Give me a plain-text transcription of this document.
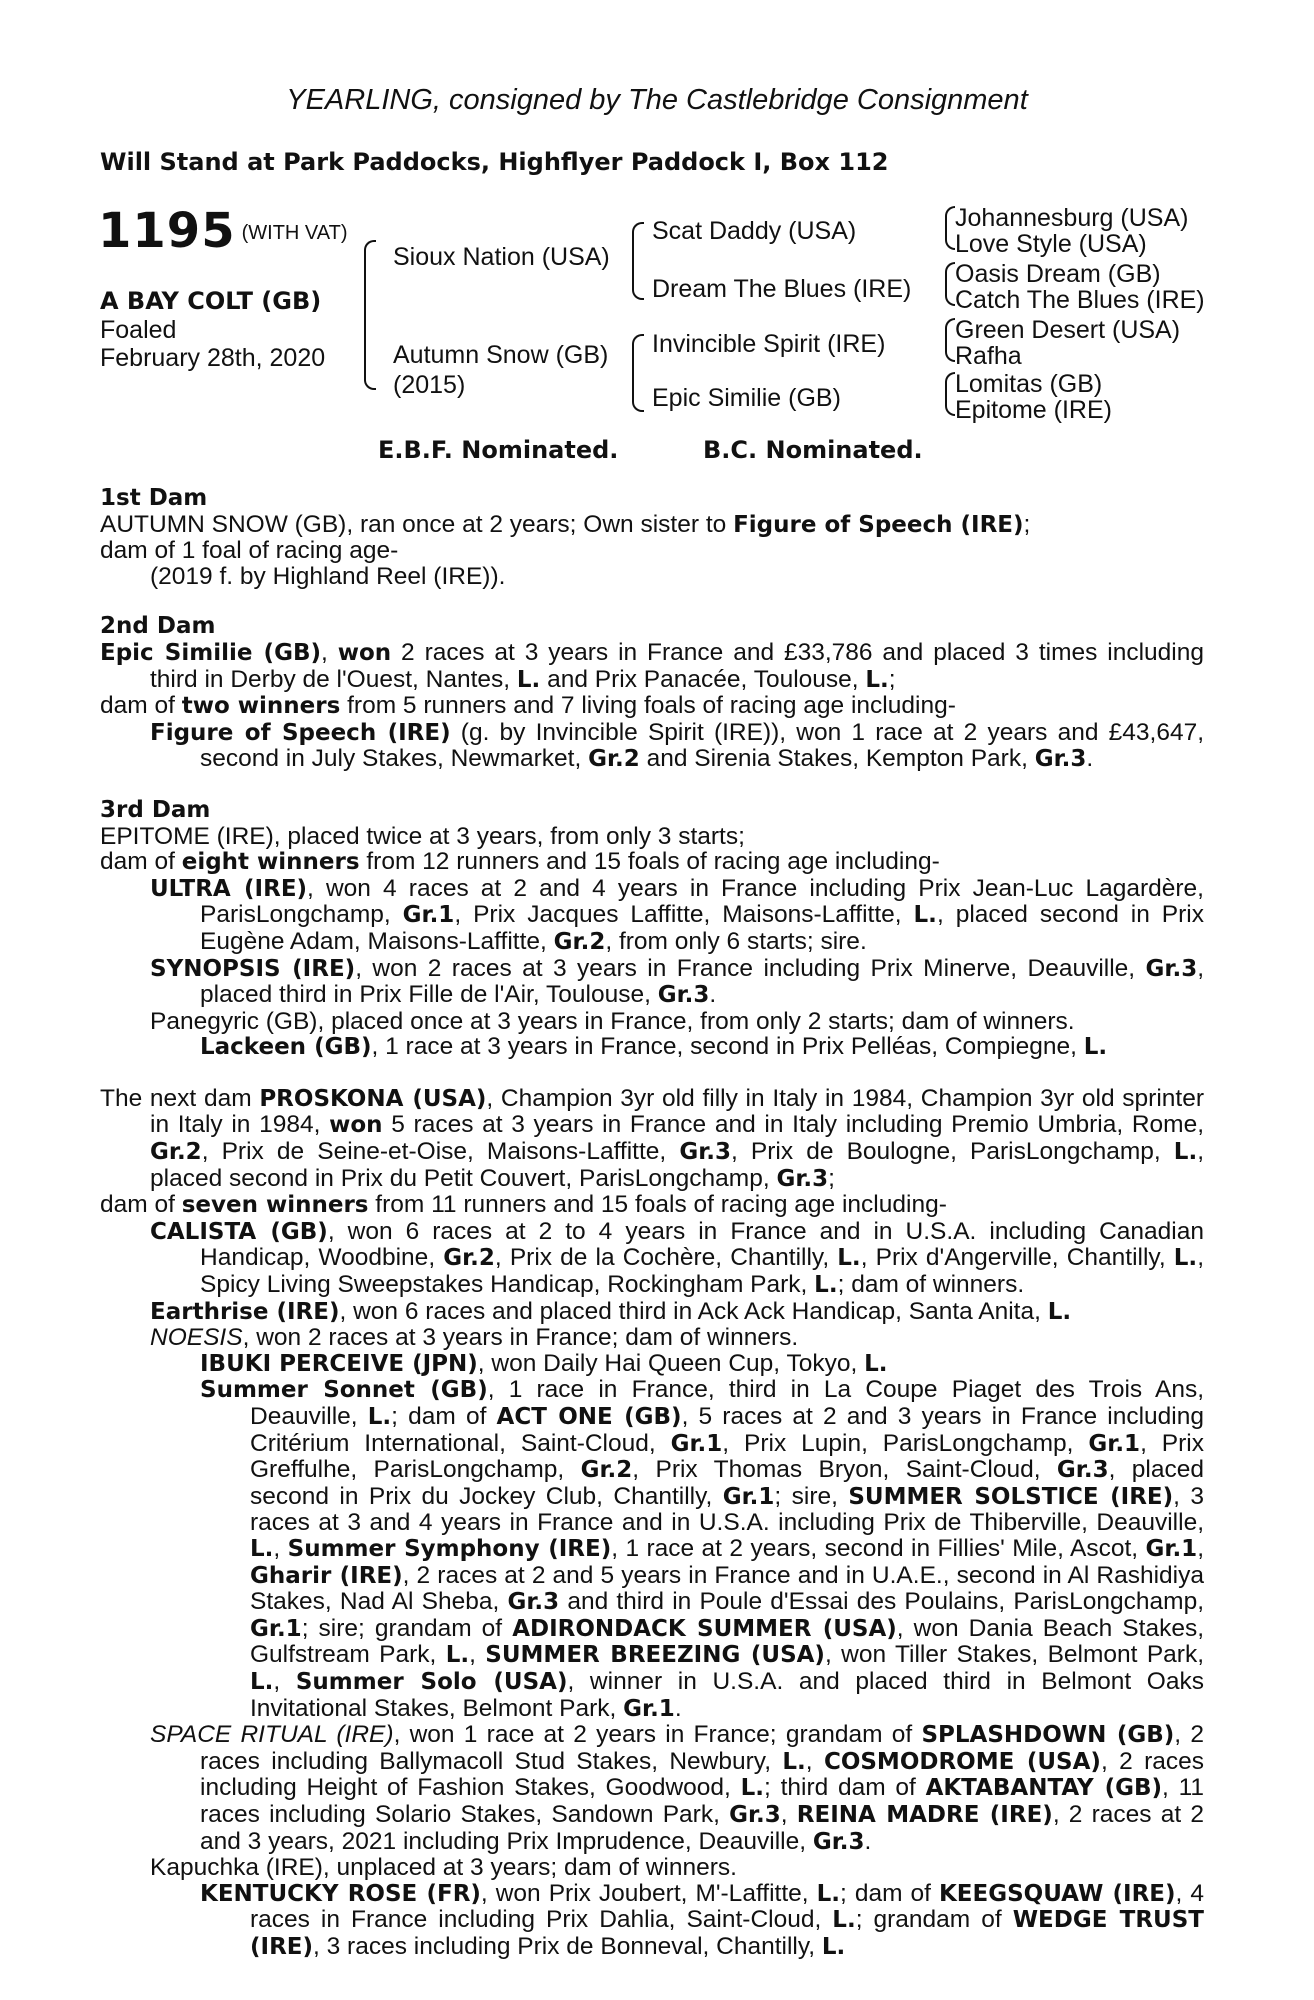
YEARLING, consigned by The Castlebridge Consignment
Will Stand at Park Paddocks, Highflyer Paddock I, Box 112
1195 (WITH VAT)
A BAY COLT (GB)
Foaled
February 28th, 2020
Sioux Nation (USA)
Autumn Snow (GB)
(2015)
Scat Daddy (USA)
Dream The Blues (IRE)
Invincible Spirit (IRE)
Epic Similie (GB)
Johannesburg (USA)
Love Style (USA)
Oasis Dream (GB)
Catch The Blues (IRE)
Green Desert (USA)
Rafha
Lomitas (GB)
Epitome (IRE)
E.B.F. Nominated.	B.C. Nominated.

1st Dam

AUTUMN SNOW (GB), ran once at 2 years; Own sister to Figure of Speech (IRE);

dam of 1 foal of racing age-

(2019 f. by Highland Reel (IRE)).

2nd Dam

Epic Similie (GB), won 2 races at 3 years in France and £33,786 and placed 3 times including third in Derby de l'Ouest, Nantes, L. and Prix Panacée, Toulouse, L.;

dam of two winners from 5 runners and 7 living foals of racing age including-

Figure of Speech (IRE) (g. by Invincible Spirit (IRE)), won 1 race at 2 years and £43,647, second in July Stakes, Newmarket, Gr.2 and Sirenia Stakes, Kempton Park, Gr.3.

3rd Dam

EPITOME (IRE), placed twice at 3 years, from only 3 starts;

dam of eight winners from 12 runners and 15 foals of racing age including-

ULTRA (IRE), won 4 races at 2 and 4 years in France including Prix Jean-Luc Lagardère, ParisLongchamp, Gr.1, Prix Jacques Laffitte, Maisons-Laffitte, L., placed second in Prix Eugène Adam, Maisons-Laffitte, Gr.2, from only 6 starts; sire.

SYNOPSIS (IRE), won 2 races at 3 years in France including Prix Minerve, Deauville, Gr.3, placed third in Prix Fille de l'Air, Toulouse, Gr.3.

Panegyric (GB), placed once at 3 years in France, from only 2 starts; dam of winners.

Lackeen (GB), 1 race at 3 years in France, second in Prix Pelléas, Compiegne, L.

The next dam PROSKONA (USA), Champion 3yr old filly in Italy in 1984, Champion 3yr old sprinter in Italy in 1984, won 5 races at 3 years in France and in Italy including Premio Umbria, Rome, Gr.2, Prix de Seine-et-Oise, Maisons-Laffitte, Gr.3, Prix de Boulogne, ParisLongchamp, L., placed second in Prix du Petit Couvert, ParisLongchamp, Gr.3;

dam of seven winners from 11 runners and 15 foals of racing age including-

CALISTA (GB), won 6 races at 2 to 4 years in France and in U.S.A. including Canadian Handicap, Woodbine, Gr.2, Prix de la Cochère, Chantilly, L., Prix d'Angerville, Chantilly, L., Spicy Living Sweepstakes Handicap, Rockingham Park, L.; dam of winners.

Earthrise (IRE), won 6 races and placed third in Ack Ack Handicap, Santa Anita, L.

NOESIS, won 2 races at 3 years in France; dam of winners.

IBUKI PERCEIVE (JPN), won Daily Hai Queen Cup, Tokyo, L.

Summer Sonnet (GB), 1 race in France, third in La Coupe Piaget des Trois Ans, Deauville, L.; dam of ACT ONE (GB), 5 races at 2 and 3 years in France including Critérium International, Saint-Cloud, Gr.1, Prix Lupin, ParisLongchamp, Gr.1, Prix Greffulhe, ParisLongchamp, Gr.2, Prix Thomas Bryon, Saint-Cloud, Gr.3, placed second in Prix du Jockey Club, Chantilly, Gr.1; sire, SUMMER SOLSTICE (IRE), 3 races at 3 and 4 years in France and in U.S.A. including Prix de Thiberville, Deauville, L., Summer Symphony (IRE), 1 race at 2 years, second in Fillies' Mile, Ascot, Gr.1, Gharir (IRE), 2 races at 2 and 5 years in France and in U.A.E., second in Al Rashidiya Stakes, Nad Al Sheba, Gr.3 and third in Poule d'Essai des Poulains, ParisLongchamp, Gr.1; sire; grandam of ADIRONDACK SUMMER (USA), won Dania Beach Stakes, Gulfstream Park, L., SUMMER BREEZING (USA), won Tiller Stakes, Belmont Park, L., Summer Solo (USA), winner in U.S.A. and placed third in Belmont Oaks Invitational Stakes, Belmont Park, Gr.1.

SPACE RITUAL (IRE), won 1 race at 2 years in France; grandam of SPLASHDOWN (GB), 2 races including Ballymacoll Stud Stakes, Newbury, L., COSMODROME (USA), 2 races including Height of Fashion Stakes, Goodwood, L.; third dam of AKTABANTAY (GB), 11 races including Solario Stakes, Sandown Park, Gr.3, REINA MADRE (IRE), 2 races at 2 and 3 years, 2021 including Prix Imprudence, Deauville, Gr.3.

Kapuchka (IRE), unplaced at 3 years; dam of winners.

KENTUCKY ROSE (FR), won Prix Joubert, M'-Laffitte, L.; dam of KEEGSQUAW (IRE), 4 races in France including Prix Dahlia, Saint-Cloud, L.; grandam of WEDGE TRUST (IRE), 3 races including Prix de Bonneval, Chantilly, L.
